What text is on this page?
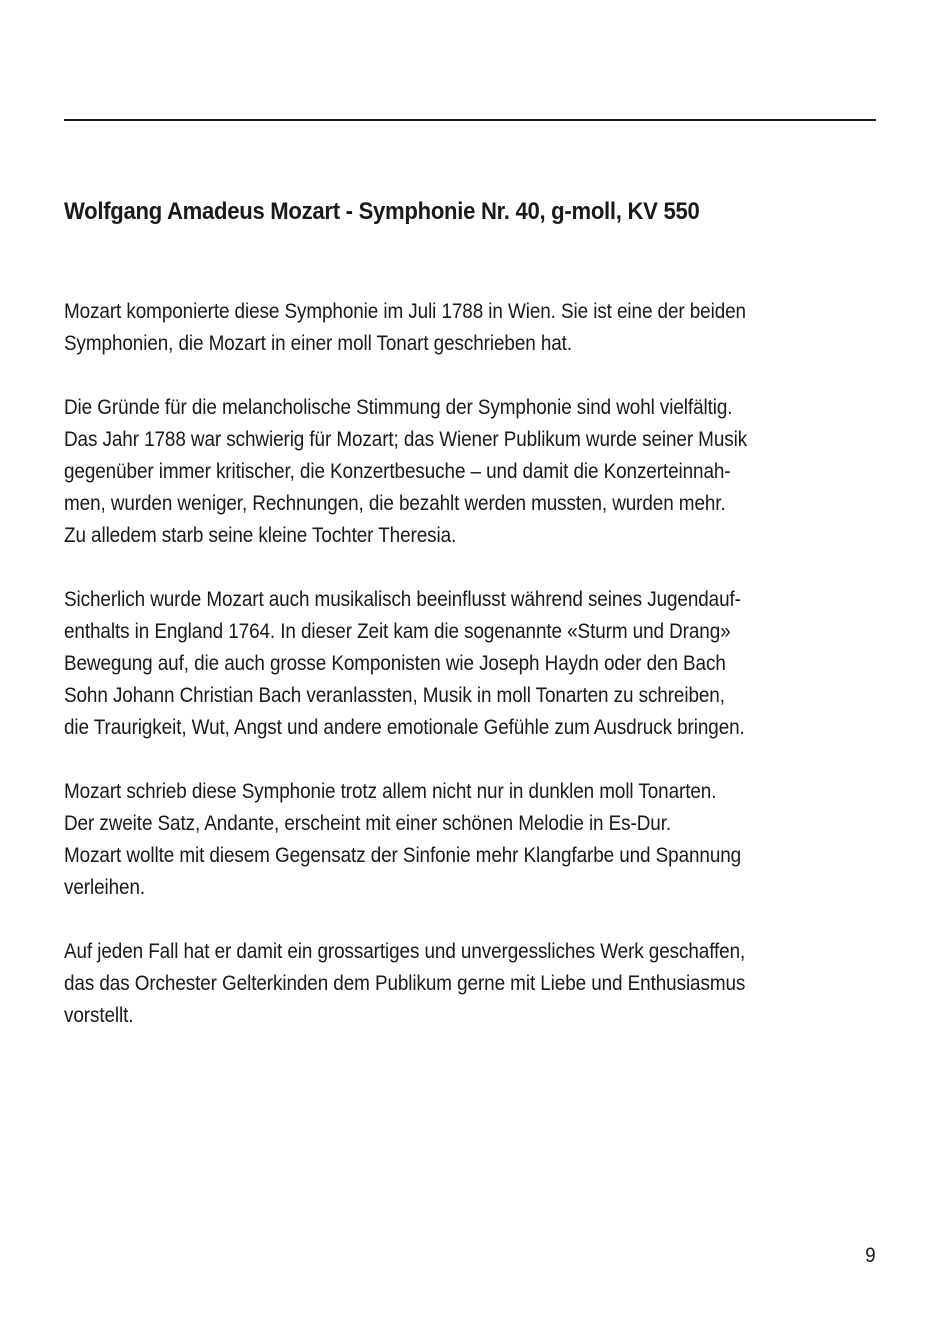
Wolfgang Amadeus Mozart - Symphonie Nr. 40, g-moll, KV 550

Mozart komponierte diese Symphonie im Juli 1788 in Wien. Sie ist eine der beiden
Symphonien, die Mozart in einer moll Tonart geschrieben hat.

Die Gründe für die melancholische Stimmung der Symphonie sind wohl vielfältig.
Das Jahr 1788 war schwierig für Mozart; das Wiener Publikum wurde seiner Musik
gegenüber immer kritischer, die Konzertbesuche – und damit die Konzerteinnah-
men, wurden weniger, Rechnungen, die bezahlt werden mussten, wurden mehr.
Zu alledem starb seine kleine Tochter Theresia.

Sicherlich wurde Mozart auch musikalisch beeinflusst während seines Jugendauf-
enthalts in England 1764. In dieser Zeit kam die sogenannte «Sturm und Drang»
Bewegung auf, die auch grosse Komponisten wie Joseph Haydn oder den Bach
Sohn Johann Christian Bach veranlassten, Musik in moll Tonarten zu schreiben,
die Traurigkeit, Wut, Angst und andere emotionale Gefühle zum Ausdruck bringen.

Mozart schrieb diese Symphonie trotz allem nicht nur in dunklen moll Tonarten.
Der zweite Satz, Andante, erscheint mit einer schönen Melodie in Es-Dur.
Mozart wollte mit diesem Gegensatz der Sinfonie mehr Klangfarbe und Spannung
verleihen.

Auf jeden Fall hat er damit ein grossartiges und unvergessliches Werk geschaffen,
das das Orchester Gelterkinden dem Publikum gerne mit Liebe und Enthusiasmus
vorstellt.

9
